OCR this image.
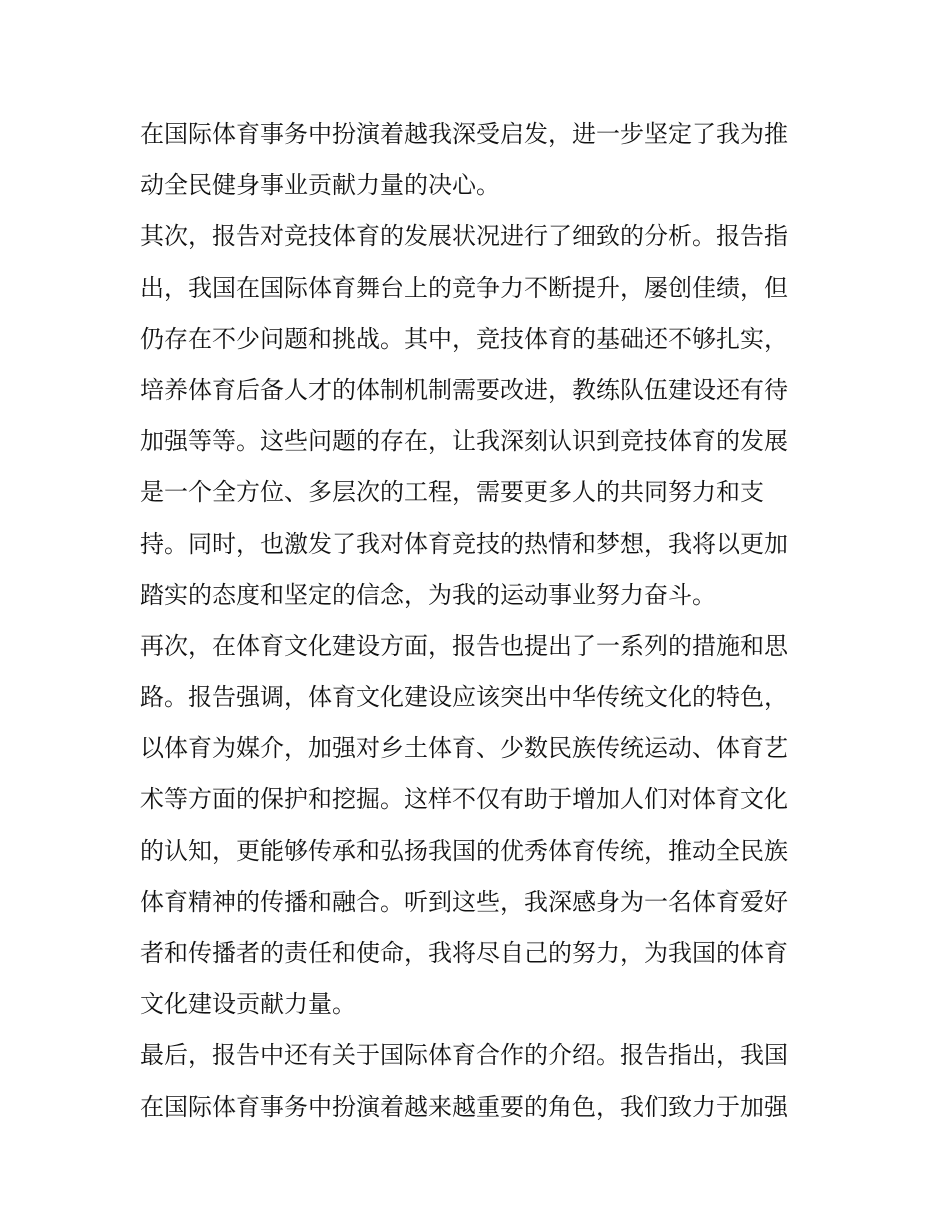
在国际体育事务中扮演着越我深受启发，进一步坚定了我为推
动全民健身事业贡献力量的决心。
其次，报告对竞技体育的发展状况进行了细致的分析。报告指
出，我国在国际体育舞台上的竞争力不断提升，屡创佳绩，但
仍存在不少问题和挑战。其中，竞技体育的基础还不够扎实，
培养体育后备人才的体制机制需要改进，教练队伍建设还有待
加强等等。这些问题的存在，让我深刻认识到竞技体育的发展
是一个全方位、多层次的工程，需要更多人的共同努力和支
持。同时，也激发了我对体育竞技的热情和梦想，我将以更加
踏实的态度和坚定的信念，为我的运动事业努力奋斗。
再次，在体育文化建设方面，报告也提出了一系列的措施和思
路。报告强调，体育文化建设应该突出中华传统文化的特色，
以体育为媒介，加强对乡土体育、少数民族传统运动、体育艺
术等方面的保护和挖掘。这样不仅有助于增加人们对体育文化
的认知，更能够传承和弘扬我国的优秀体育传统，推动全民族
体育精神的传播和融合。听到这些，我深感身为一名体育爱好
者和传播者的责任和使命，我将尽自己的努力，为我国的体育
文化建设贡献力量。
最后，报告中还有关于国际体育合作的介绍。报告指出，我国
在国际体育事务中扮演着越来越重要的角色，我们致力于加强
